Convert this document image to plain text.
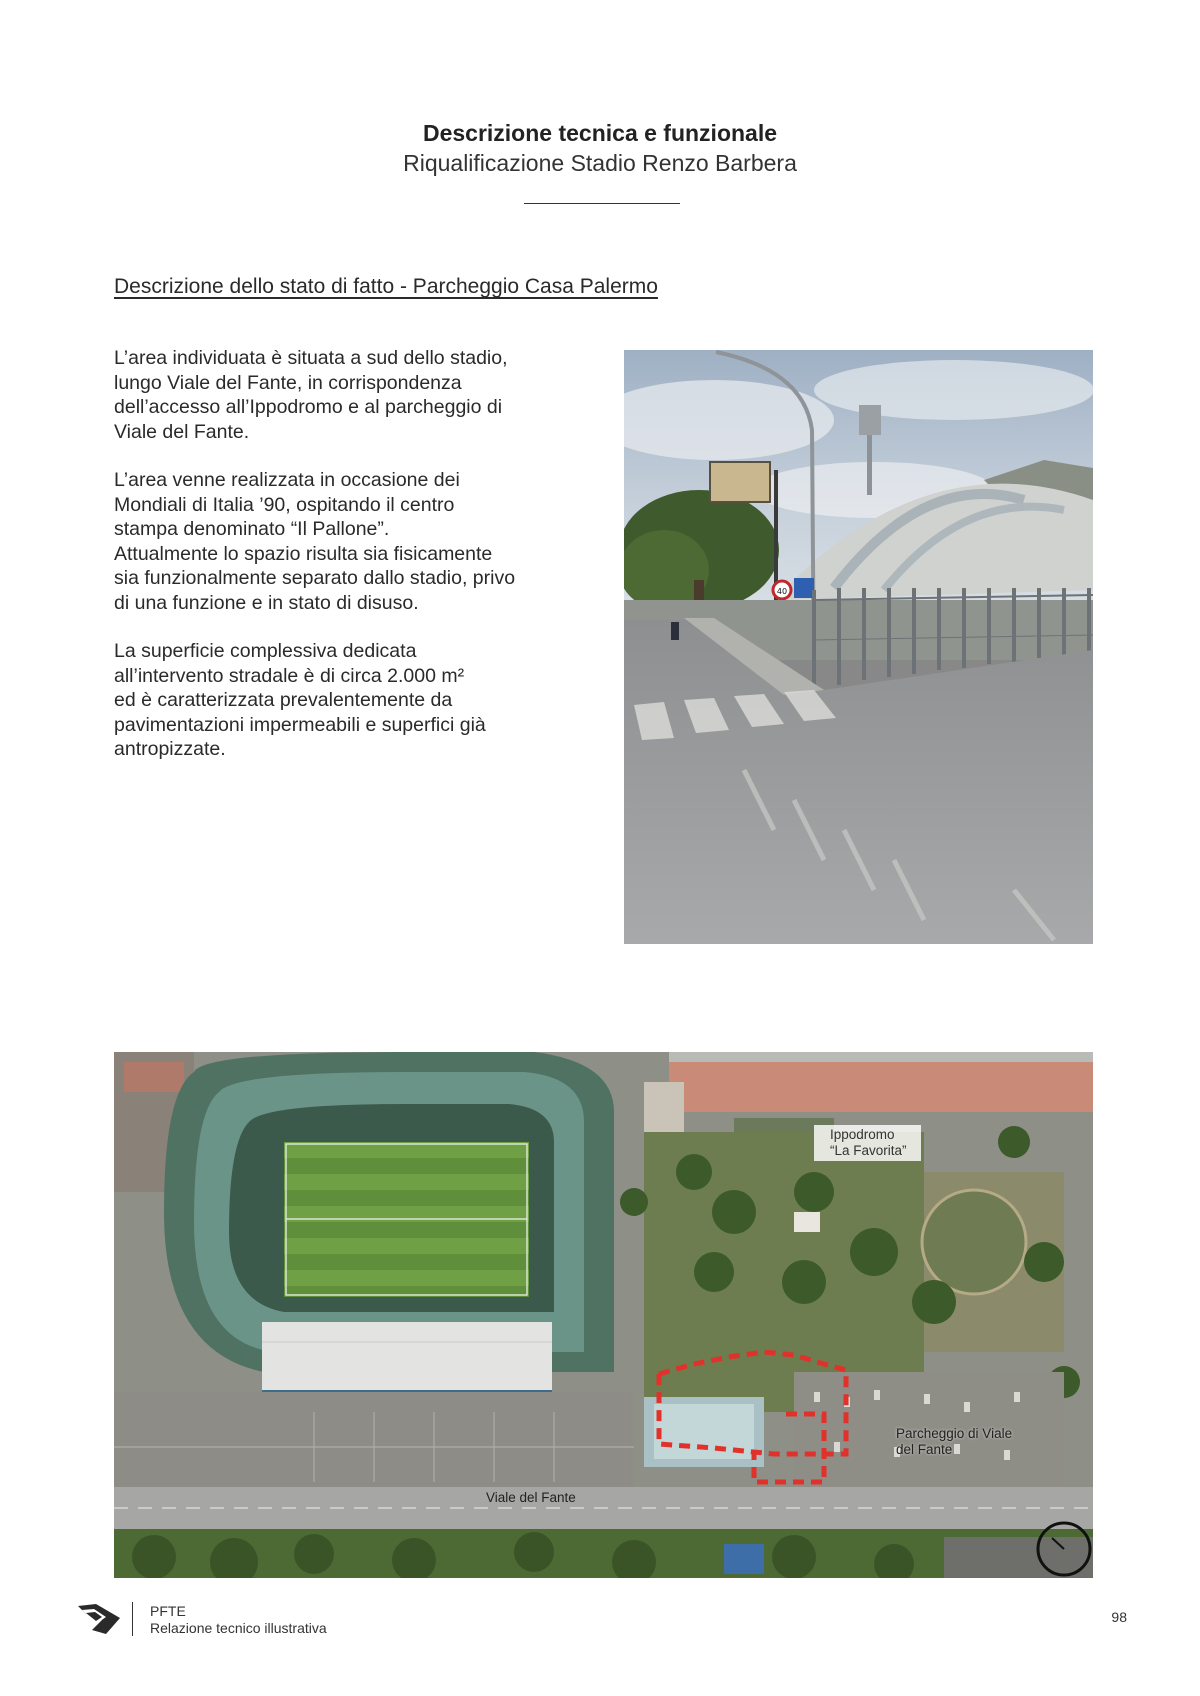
Descrizione tecnica e funzionale
Riqualificazione Stadio Renzo Barbera
Descrizione dello stato di fatto - Parcheggio Casa Palermo

L’area individuata è situata a sud dello stadio,
lungo Viale del Fante, in corrispondenza
dell’accesso all’Ippodromo e al parcheggio di
Viale del Fante.

L’area venne realizzata in occasione dei
Mondiali di Italia ’90, ospitando il centro
stampa denominato “Il Pallone”.
Attualmente lo spazio risulta sia fisicamente
sia funzionalmente separato dallo stadio, privo
di una funzione e in stato di disuso.

La superficie complessiva dedicata
all’intervento stradale è di circa 2.000 m²
ed è caratterizzata prevalentemente da
pavimentazioni impermeabili e superfici già
antropizzate.

40
Ippodromo
“La Favorita”
Parcheggio di Viale
del Fante
Viale del Fante
PFTE
Relazione tecnico illustrativa
98
